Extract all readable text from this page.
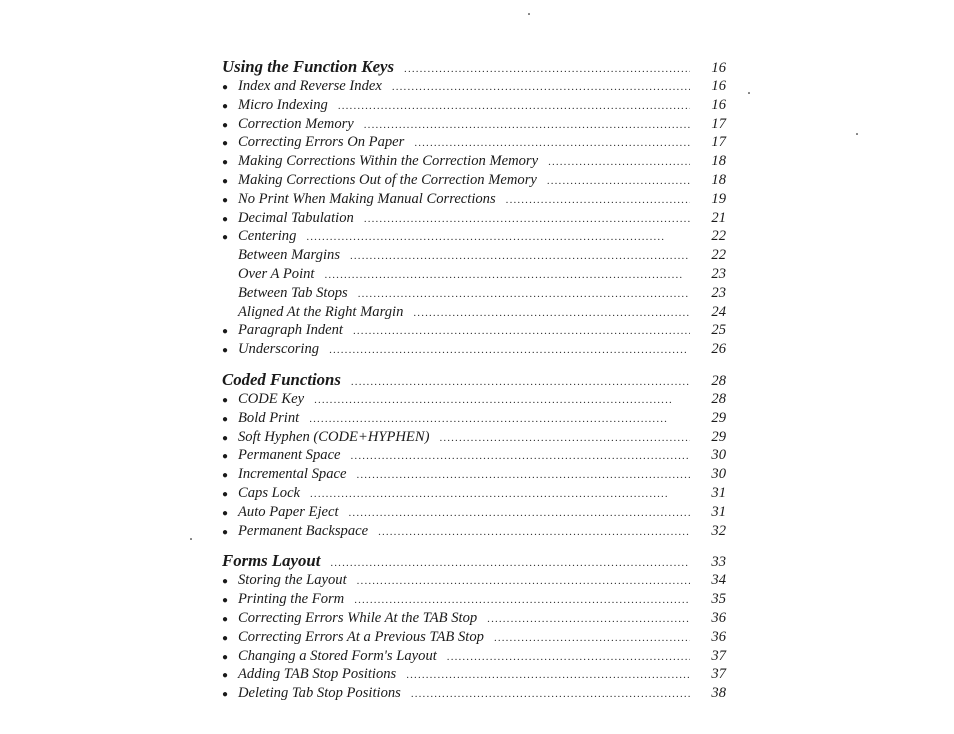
Using the Function Keys . . .	16
● Index and Reverse Index . . .	16
● Micro Indexing . . .	16
● Correction Memory . . .	17
● Correcting Errors On Paper . . .	17
● Making Corrections Within the Correction Memory . . .	18
● Making Corrections Out of the Correction Memory . . .	18
● No Print When Making Manual Corrections . . .	19
● Decimal Tabulation . . .	21
● Centering . . .	22
Between Margins . . .	22
Over A Point . . .	23
Between Tab Stops . . .	23
Aligned At the Right Margin . . .	24
● Paragraph Indent . . .	25
● Underscoring . . .	26
Coded Functions . . .	28
● CODE Key . . .	28
● Bold Print . . .	29
● Soft Hyphen (CODE+HYPHEN) . . .	29
● Permanent Space . . .	30
● Incremental Space . . .	30
● Caps Lock . . .	31
● Auto Paper Eject . . .	31
● Permanent Backspace . . .	32
Forms Layout . . .	33
● Storing the Layout . . .	34
● Printing the Form . . .	35
● Correcting Errors While At the TAB Stop . . .	36
● Correcting Errors At a Previous TAB Stop . . .	36
● Changing a Stored Form's Layout . . .	37
● Adding TAB Stop Positions . . .	37
● Deleting Tab Stop Positions . . .	38
